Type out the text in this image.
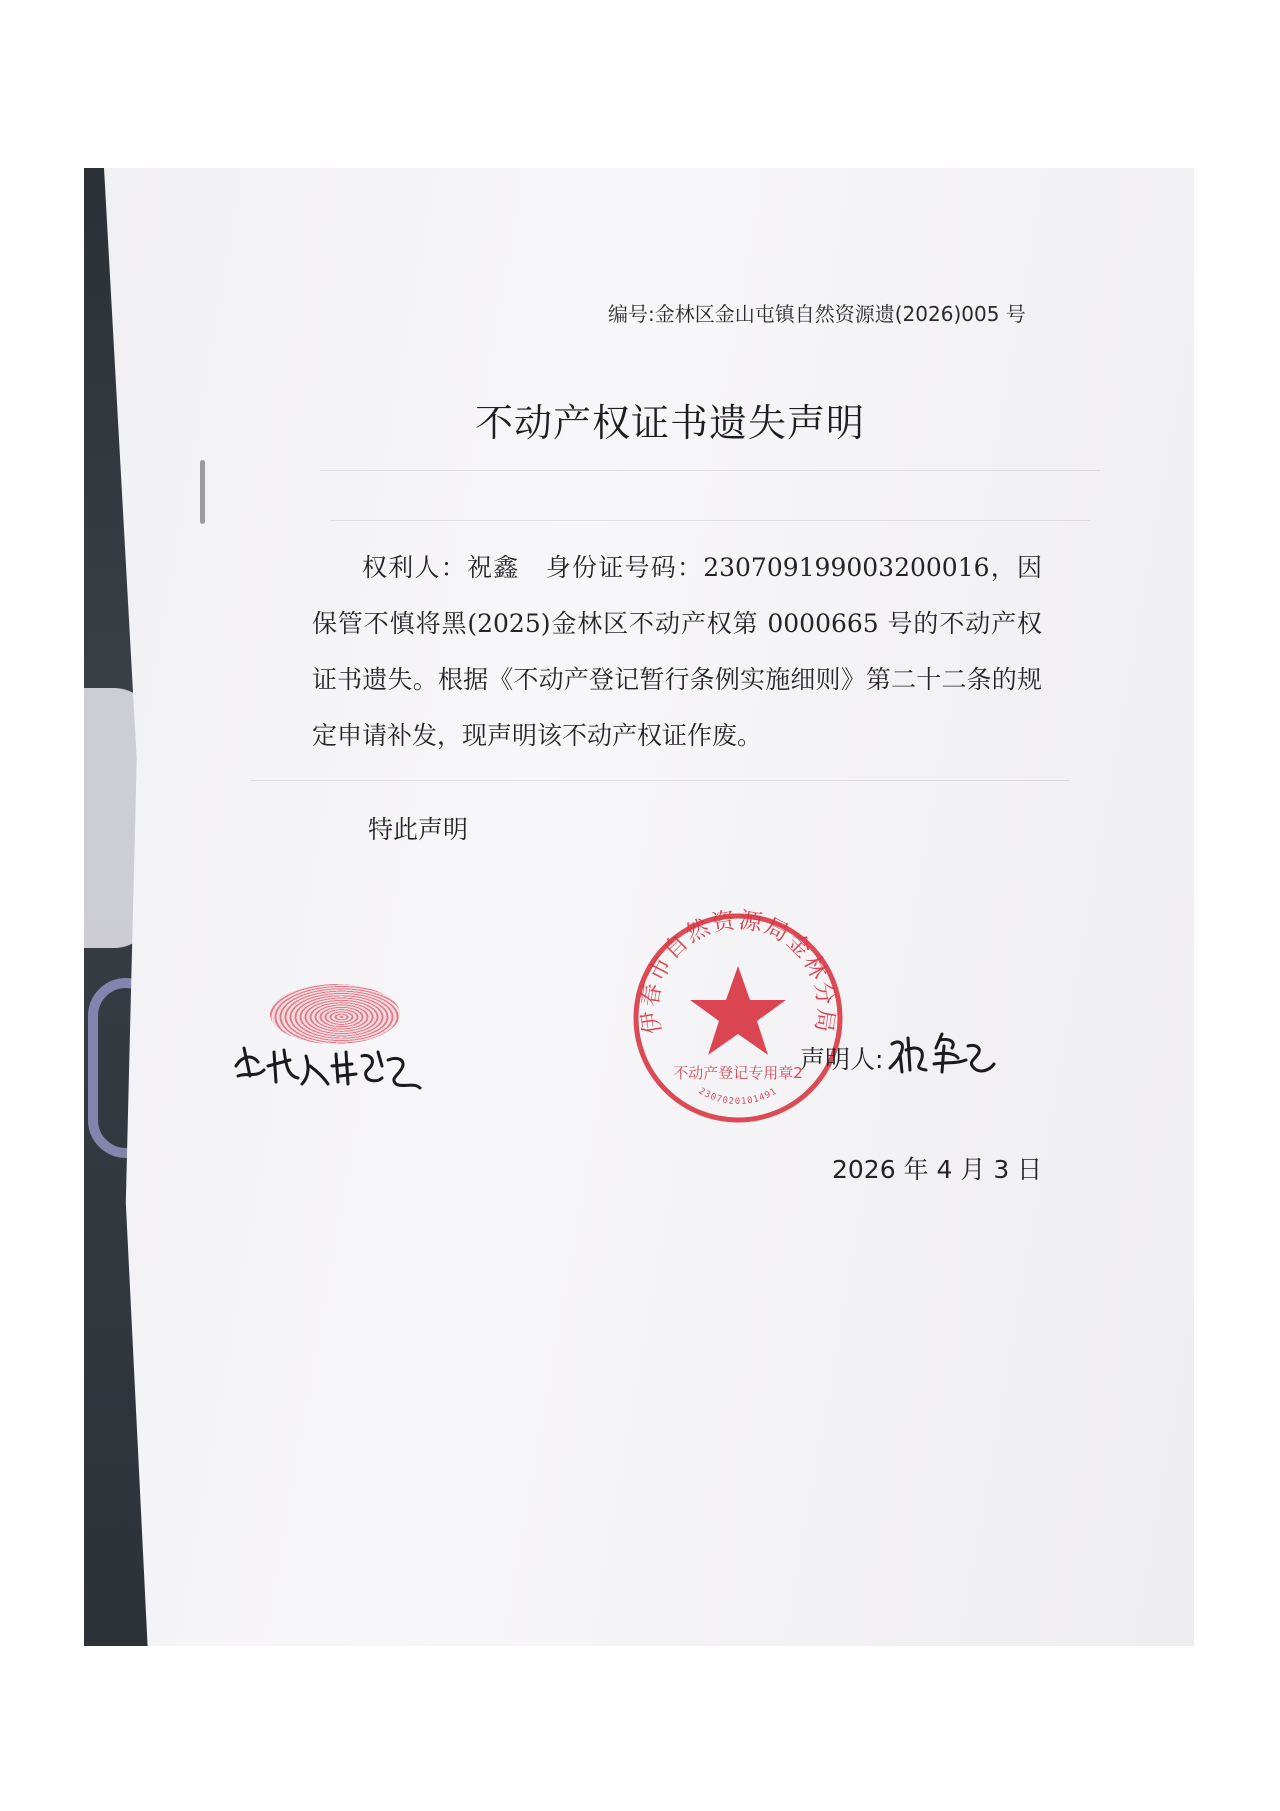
编号:金林区金山屯镇自然资源遗(2026)005 号
不动产权证书遗失声明

权利人：祝鑫　身份证号码：230709199003200016，因保管不慎将黑(2025)金林区不动产权第 0000665 号的不动产权证书遗失。根据《不动产登记暂行条例实施细则》第二十二条的规定申请补发，现声明该不动产权证作废。

特此声明
伊春市自然资源局金林分局
不动产登记专用章2
2307020101491
声明人:
2026 年 4 月 3 日
